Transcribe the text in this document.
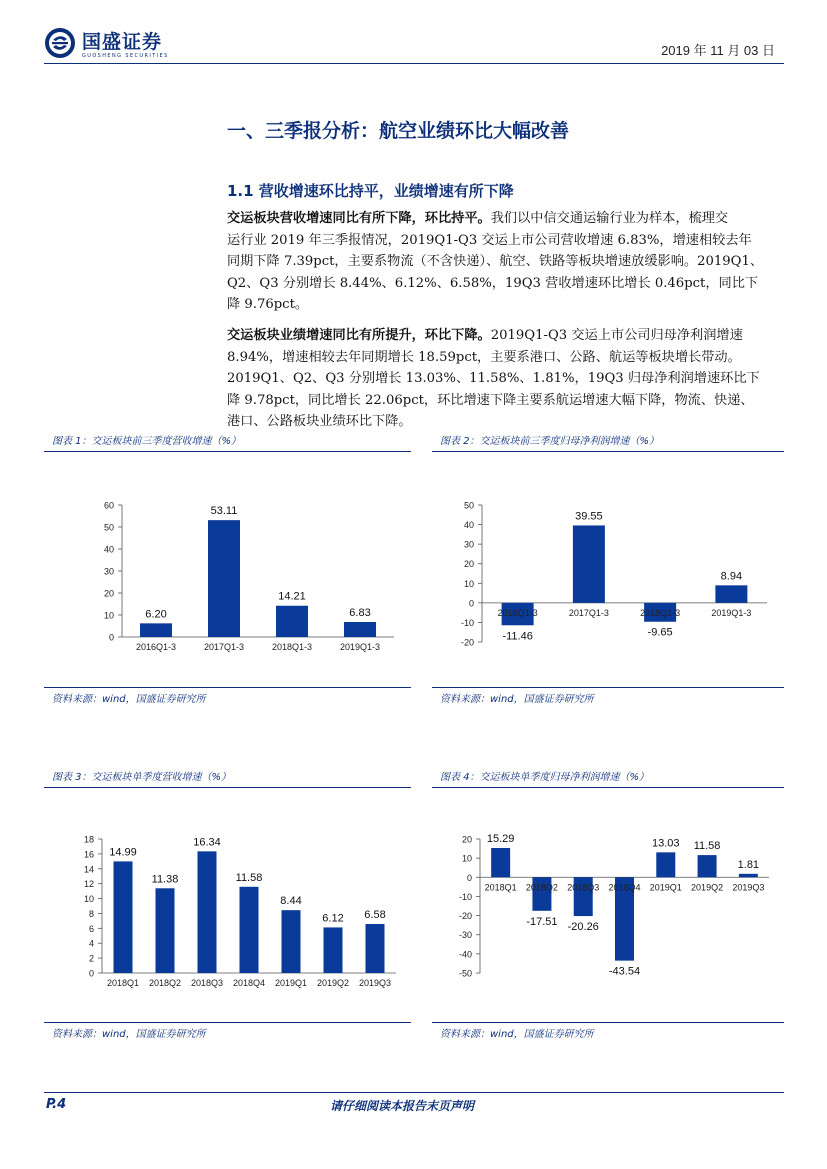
国盛证券
GUOSHENG SECURITIES	2019 年 11 月 03 日
一、三季报分析：航空业绩环比大幅改善
1.1 营收增速环比持平，业绩增速有所下降
交运板块营收增速同比有所下降，环比持平。我们以中信交通运输行业为样本，梳理交
运行业 2019 年三季报情况，2019Q1-Q3 交运上市公司营收增速 6.83%，增速相较去年
同期下降 7.39pct，主要系物流（不含快递）、航空、铁路等板块增速放缓影响。2019Q1、
Q2、Q3 分别增长 8.44%、6.12%、6.58%，19Q3 营收增速环比增长 0.46pct，同比下
降 9.76pct。
交运板块业绩增速同比有所提升，环比下降。2019Q1-Q3 交运上市公司归母净利润增速
8.94%，增速相较去年同期增长 18.59pct，主要系港口、公路、航运等板块增长带动。
2019Q1、Q2、Q3 分别增长 13.03%、11.58%、1.81%，19Q3 归母净利润增速环比下
降 9.78pct，同比增长 22.06pct，环比增速下降主要系航运增速大幅下降，物流、快递、
港口、公路板块业绩环比下降。
图表 1：交运板块前三季度营收增速（%）	图表 2：交运板块前三季度归母净利润增速（%）
0
10
20
30
40
50
60
2016Q1-3
6.20
2017Q1-3
53.11
2018Q1-3
14.21
2019Q1-3
6.83
-20
-10
0
10
20
30
40
50
2016Q1-3
-11.46
2017Q1-3
39.55
2018Q1-3
-9.65
2019Q1-3
8.94
资料来源：wind，国盛证券研究所	资料来源：wind，国盛证券研究所
图表 3：交运板块单季度营收增速（%）	图表 4：交运板块单季度归母净利润增速（%）
0
2
4
6
8
10
12
14
16
18
2018Q1
14.99
2018Q2
11.38
2018Q3
16.34
2018Q4
11.58
2019Q1
8.44
2019Q2
6.12
2019Q3
6.58
-50
-40
-30
-20
-10
0
10
20
2018Q1
15.29
2018Q2
-17.51
2018Q3
-20.26
2018Q4
-43.54
2019Q1
13.03
2019Q2
11.58
2019Q3
1.81
资料来源：wind，国盛证券研究所	资料来源：wind，国盛证券研究所
P.4	请仔细阅读本报告末页声明
